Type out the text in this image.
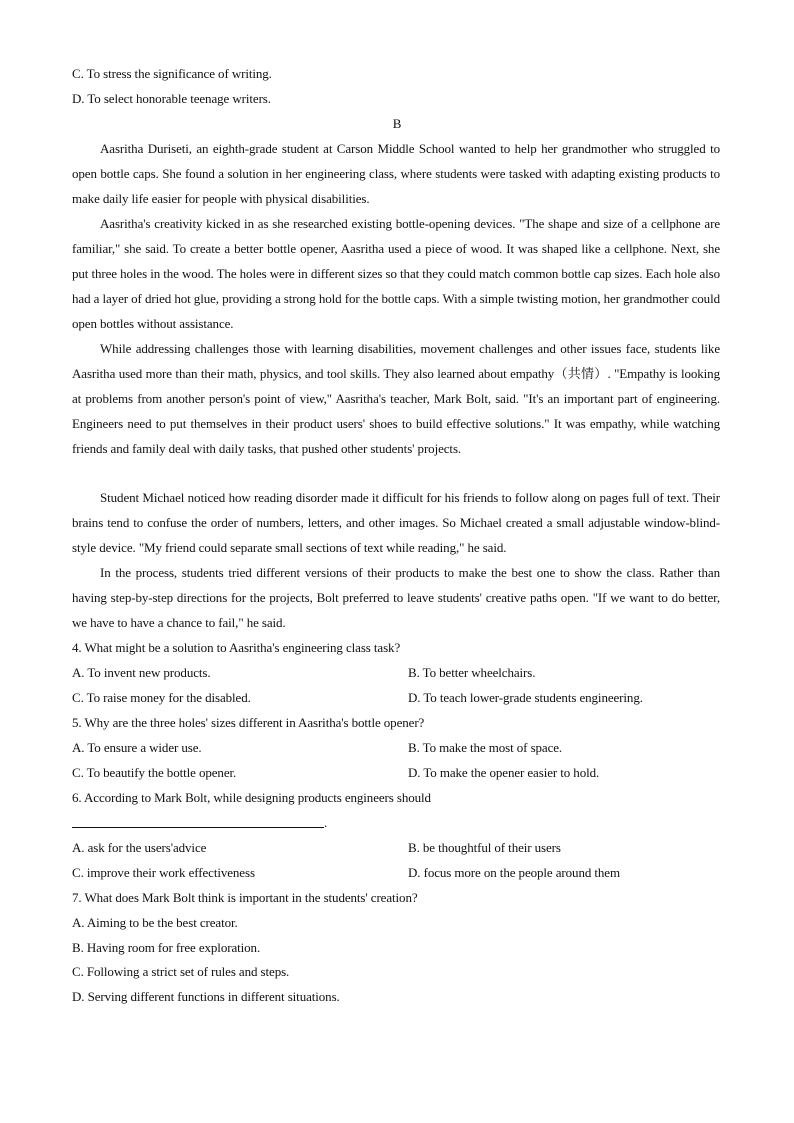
C. To stress the significance of writing.
D. To select honorable teenage writers.
B
Aasritha Duriseti, an eighth-grade student at Carson Middle School wanted to help her grandmother who struggled to open bottle caps. She found a solution in her engineering class, where students were tasked with adapting existing products to make daily life easier for people with physical disabilities.
Aasritha's creativity kicked in as she researched existing bottle-opening devices. "The shape and size of a cellphone are familiar," she said. To create a better bottle opener, Aasritha used a piece of wood. It was shaped like a cellphone. Next, she put three holes in the wood. The holes were in different sizes so that they could match common bottle cap sizes. Each hole also had a layer of dried hot glue, providing a strong hold for the bottle caps. With a simple twisting motion, her grandmother could open bottles without assistance.
While addressing challenges those with learning disabilities, movement challenges and other issues face, students like Aasritha used more than their math, physics, and tool skills. They also learned about empathy（共情）. "Empathy is looking at problems from another person's point of view," Aasritha's teacher, Mark Bolt, said. "It's an important part of engineering. Engineers need to put themselves in their product users' shoes to build effective solutions." It was empathy, while watching friends and family deal with daily tasks, that pushed other students' projects.
Student Michael noticed how reading disorder made it difficult for his friends to follow along on pages full of text. Their brains tend to confuse the order of numbers, letters, and other images. So Michael created a small adjustable window-blind-style device. "My friend could separate small sections of text while reading," he said.
In the process, students tried different versions of their products to make the best one to show the class. Rather than having step-by-step directions for the projects, Bolt preferred to leave students' creative paths open. "If we want to do better, we have to have a chance to fail," he said.
4. What might be a solution to Aasritha's engineering class task?
A. To invent new products.	B. To better wheelchairs.
C. To raise money for the disabled.	D. To teach lower-grade students engineering.
5. Why are the three holes' sizes different in Aasritha's bottle opener?
A. To ensure a wider use.	B. To make the most of space.
C. To beautify the bottle opener.	D. To make the opener easier to hold.
6. According to Mark Bolt, while designing products engineers should
.
A. ask for the users'advice	B. be thoughtful of their users
C. improve their work effectiveness	D. focus more on the people around them
7. What does Mark Bolt think is important in the students' creation?
A. Aiming to be the best creator.
B. Having room for free exploration.
C. Following a strict set of rules and steps.
D. Serving different functions in different situations.
